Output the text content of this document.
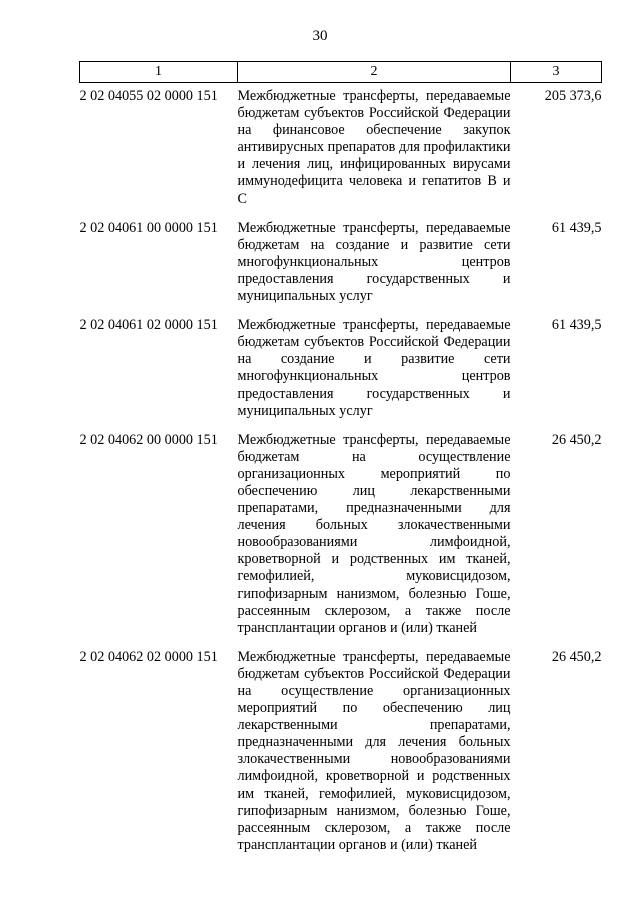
30
1	2	3
2 02 04055 02 0000 151	Межбюджетные трансферты, передаваемые бюджетам субъектов Российской Федерации на финансовое обеспечение закупок антивирусных препаратов для профилактики и лечения лиц, инфицированных вирусами иммунодефицита человека и гепатитов B и C	205 373,6
2 02 04061 00 0000 151	Межбюджетные трансферты, передаваемые бюджетам на создание и развитие сети многофункциональных центров предоставления государственных и муниципальных услуг	61 439,5
2 02 04061 02 0000 151	Межбюджетные трансферты, передаваемые бюджетам субъектов Российской Федерации на создание и развитие сети многофункциональных центров предоставления государственных и муниципальных услуг	61 439,5
2 02 04062 00 0000 151	Межбюджетные трансферты, передаваемые бюджетам на осуществление организационных мероприятий по обеспечению лиц лекарственными препаратами, предназначенными для лечения больных злокачественными новообразованиями лимфоидной, кроветворной и родственных им тканей, гемофилией, муковисцидозом, гипофизарным нанизмом, болезнью Гоше, рассеянным склерозом, а также после трансплантации органов и (или) тканей	26 450,2
2 02 04062 02 0000 151	Межбюджетные трансферты, передаваемые бюджетам субъектов Российской Федерации на осуществление организационных мероприятий по обеспечению лиц лекарственными препаратами, предназначенными для лечения больных злокачественными новообразованиями лимфоидной, кроветворной и родственных им тканей, гемофилией, муковисцидозом, гипофизарным нанизмом, болезнью Гоше, рассеянным склерозом, а также после трансплантации органов и (или) тканей	26 450,2
